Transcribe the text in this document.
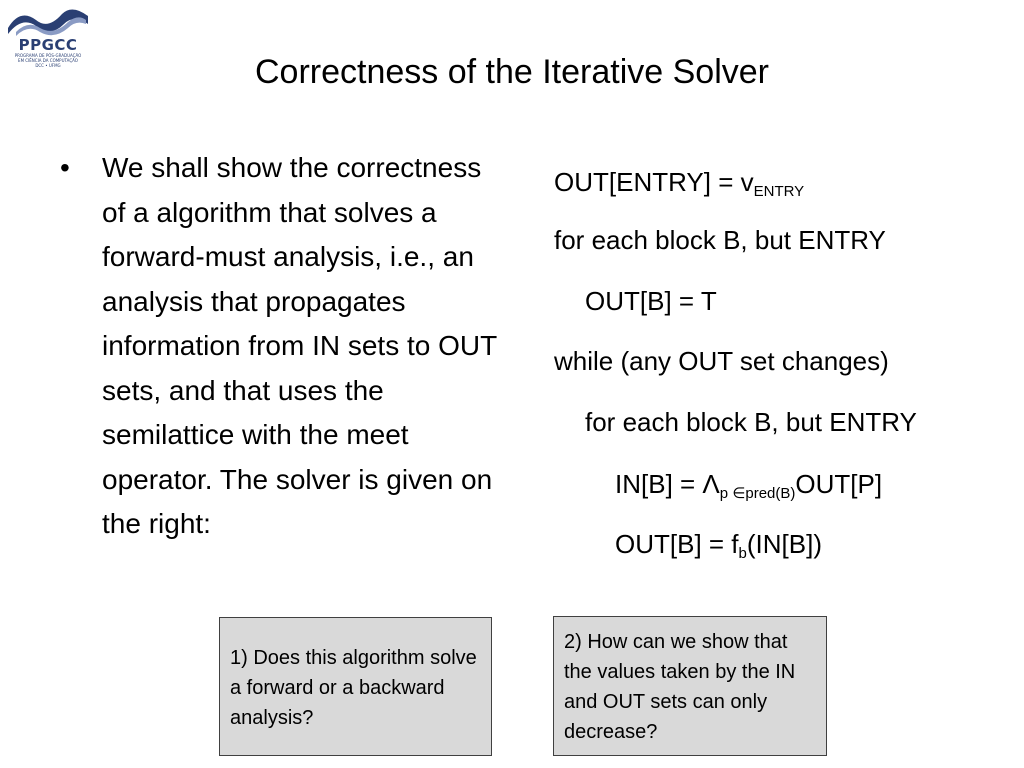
PPGCC
PROGRAMA DE PÓS-GRADUAÇÃO
EM CIÊNCIA DA COMPUTAÇÃO
DCC • UFMG	Correctness of the Iterative Solver
• We shall show the correctness of a algorithm that solves a forward-must analysis, i.e., an analysis that propagates information from IN sets to OUT sets, and that uses the semilattice with the meet operator. The solver is given on the right:
OUT[ENTRY] = $v_{ENTRY}$
for each block B, but ENTRY
OUT[B] = T
while (any OUT set changes)
for each block B, but ENTRY
$IN[B] = \Lambda_{p \in pred(B)}OUT[P]$
$OUT[B] = f_b(IN[B])$
1) Does this algorithm solve a forward or a backward analysis?
2) How can we show that the values taken by the IN and OUT sets can only decrease?
